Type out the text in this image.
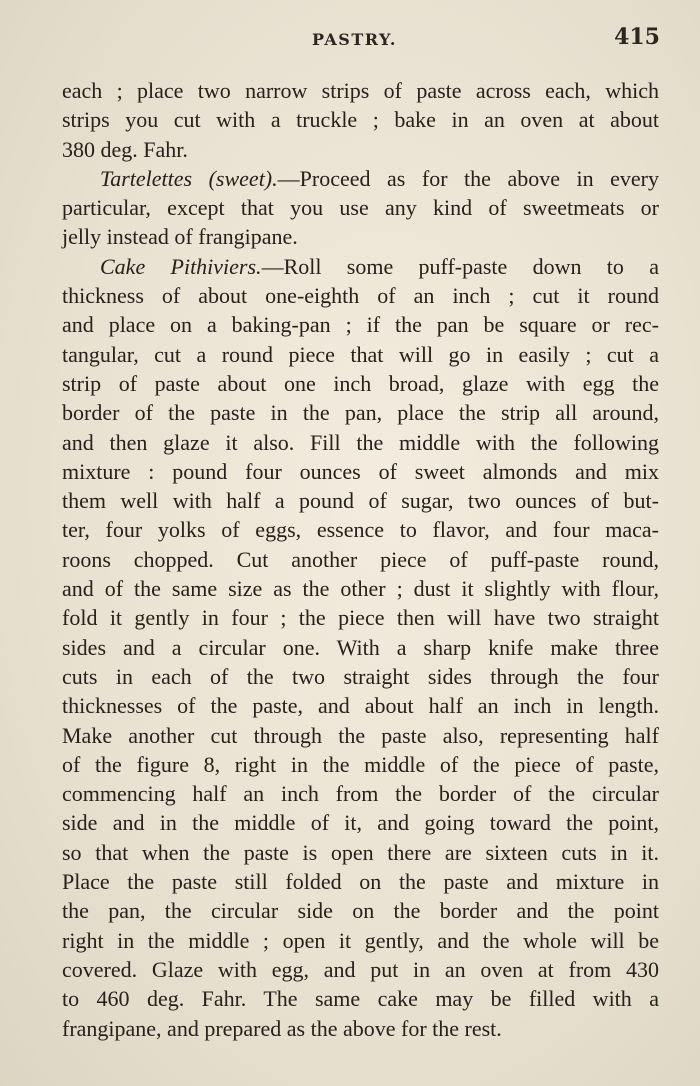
PASTRY.	415
each ; place two narrow strips of paste across each, which
strips you cut with a truckle ; bake in an oven at about
380 deg. Fahr.
Tartelettes (sweet).—Proceed as for the above in every
particular, except that you use any kind of sweetmeats or
jelly instead of frangipane.
Cake Pithiviers.—Roll some puff-paste down to a
thickness of about one-eighth of an inch ; cut it round
and place on a baking-pan ; if the pan be square or rec-
tangular, cut a round piece that will go in easily ; cut a
strip of paste about one inch broad, glaze with egg the
border of the paste in the pan, place the strip all around,
and then glaze it also. Fill the middle with the following
mixture : pound four ounces of sweet almonds and mix
them well with half a pound of sugar, two ounces of but-
ter, four yolks of eggs, essence to flavor, and four maca-
roons chopped. Cut another piece of puff-paste round,
and of the same size as the other ; dust it slightly with flour,
fold it gently in four ; the piece then will have two straight
sides and a circular one. With a sharp knife make three
cuts in each of the two straight sides through the four
thicknesses of the paste, and about half an inch in length.
Make another cut through the paste also, representing half
of the figure 8, right in the middle of the piece of paste,
commencing half an inch from the border of the circular
side and in the middle of it, and going toward the point,
so that when the paste is open there are sixteen cuts in it.
Place the paste still folded on the paste and mixture in
the pan, the circular side on the border and the point
right in the middle ; open it gently, and the whole will be
covered. Glaze with egg, and put in an oven at from 430
to 460 deg. Fahr. The same cake may be filled with a
frangipane, and prepared as the above for the rest.
